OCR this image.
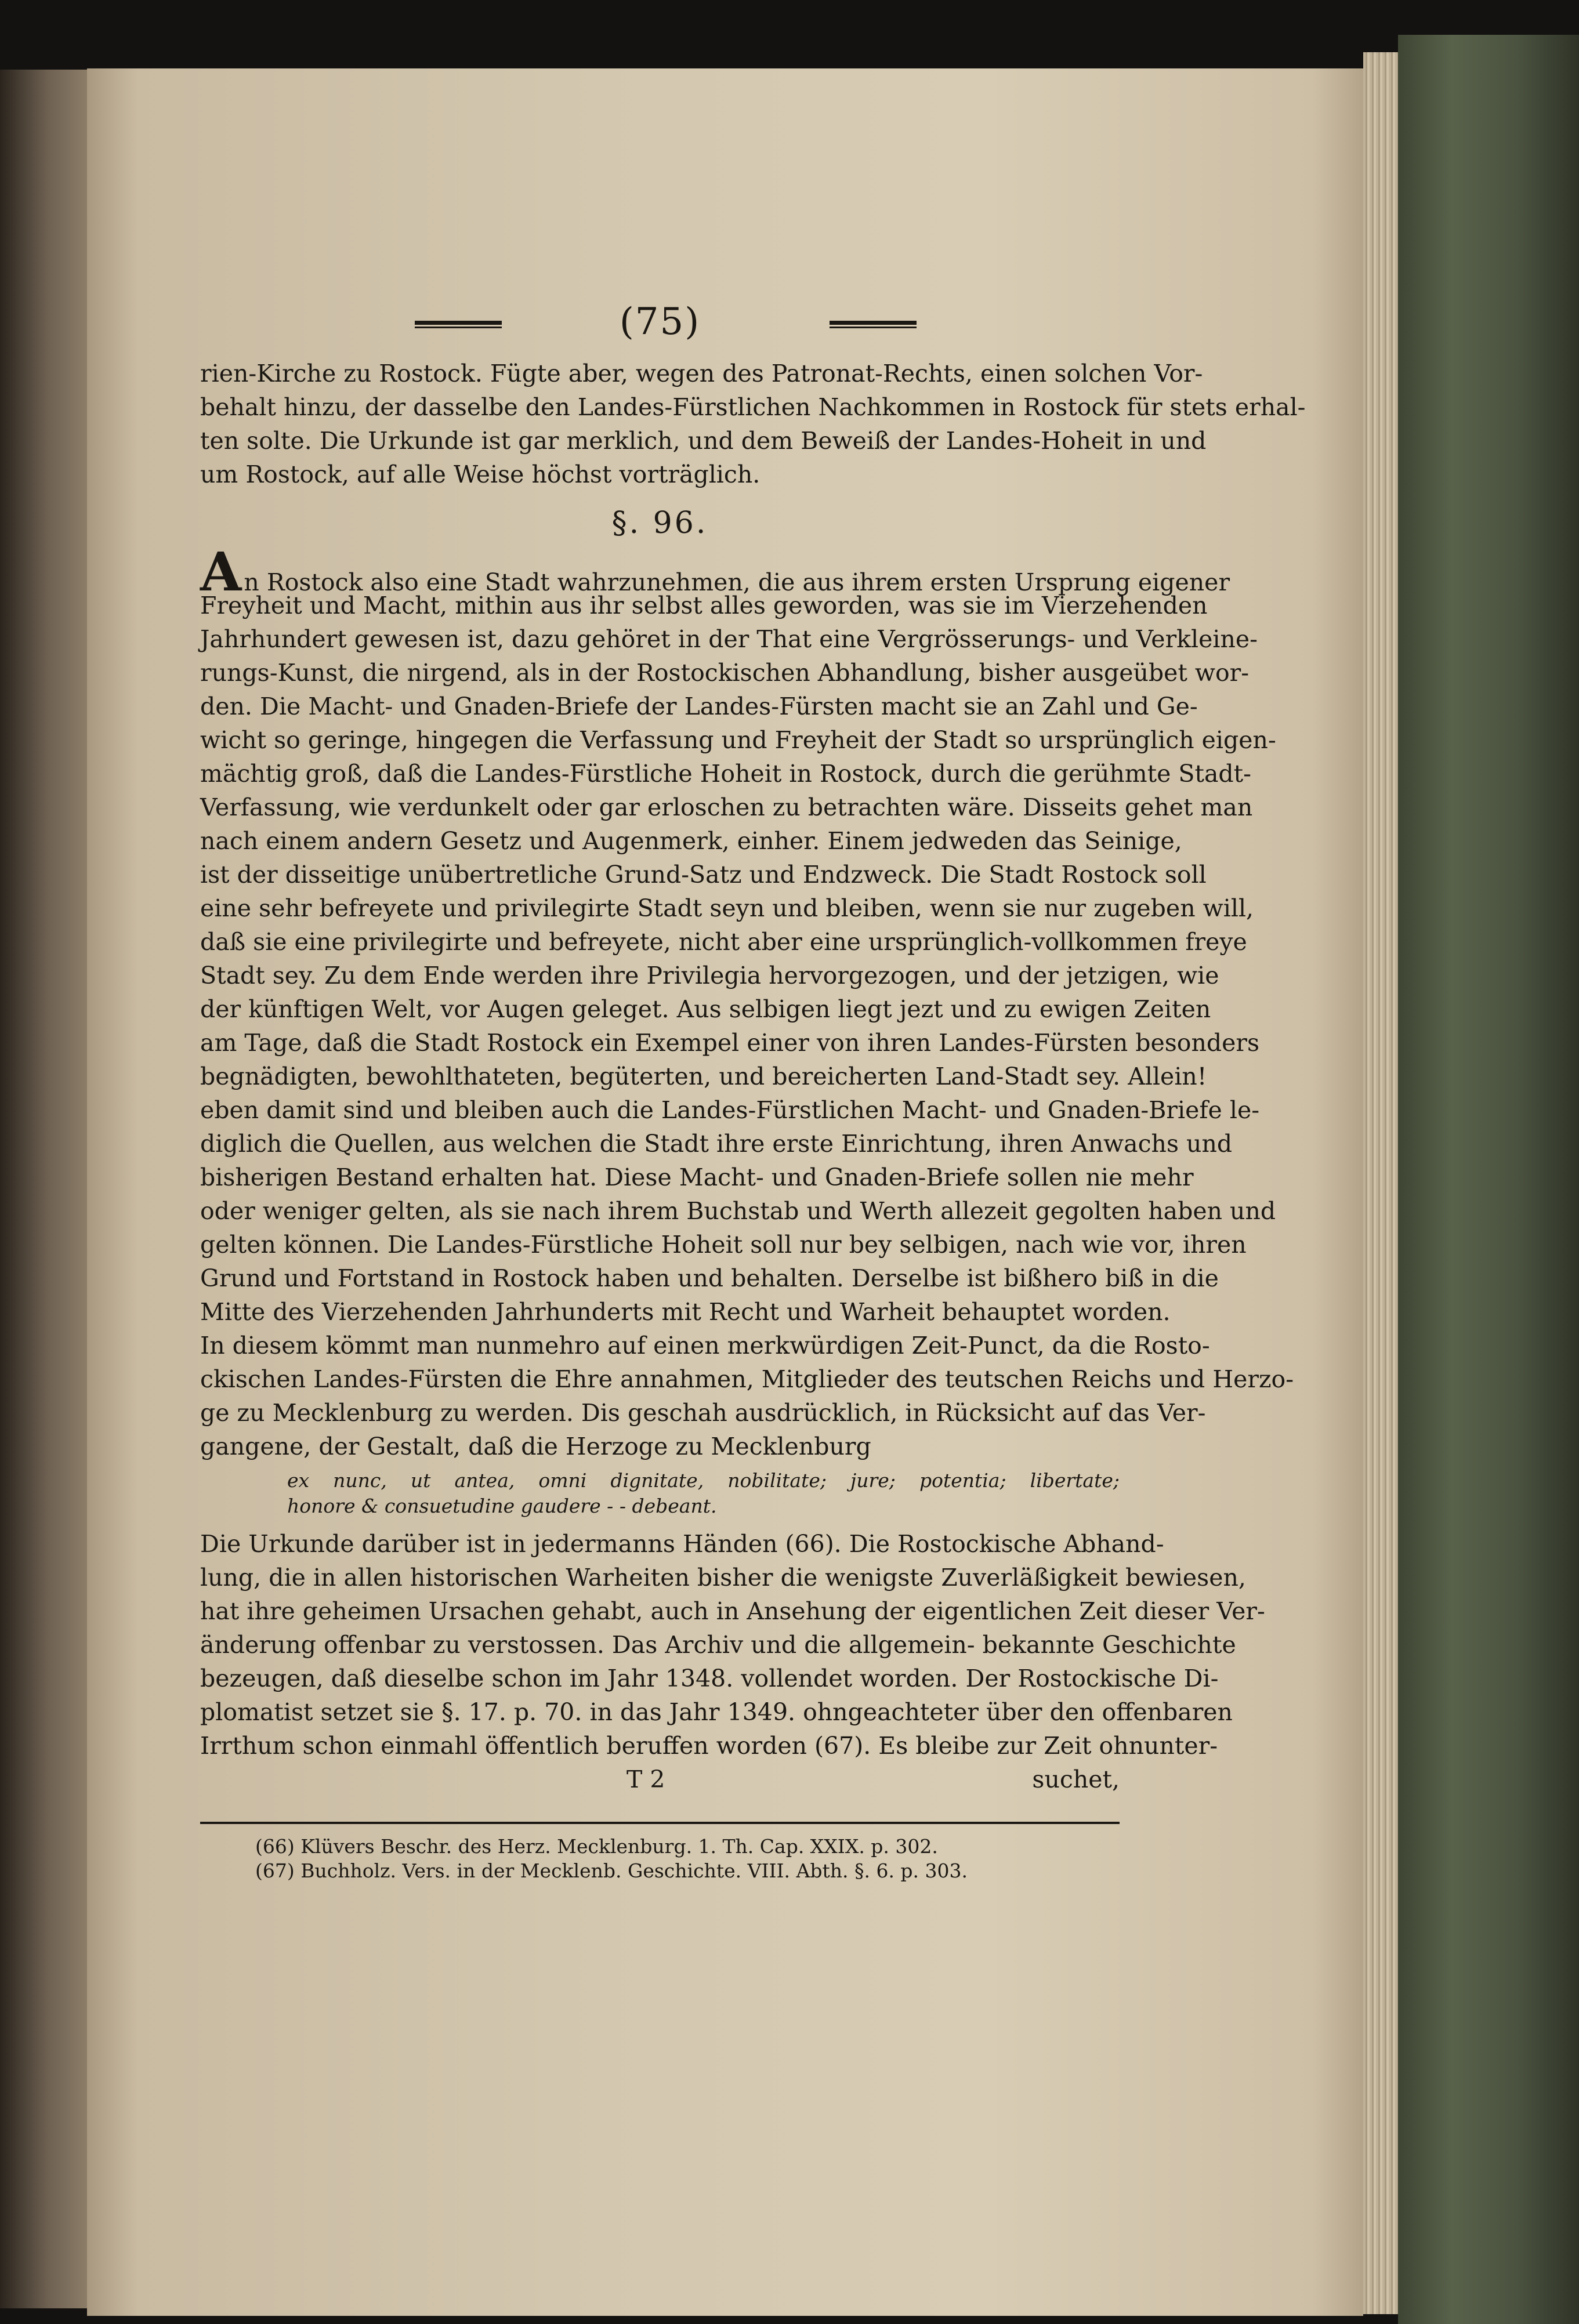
(75)
rien-Kirche zu Rostock. Fügte aber, wegen des Patronat-Rechts, einen solchen Vor-
behalt hinzu, der dasselbe den Landes-Fürstlichen Nachkommen in Rostock für stets erhal-
ten solte. Die Urkunde ist gar merklich, und dem Beweiß der Landes-Hoheit in und
um Rostock, auf alle Weise höchst vorträglich.
§. 96.
An Rostock also eine Stadt wahrzunehmen, die aus ihrem ersten Ursprung eigener
Freyheit und Macht, mithin aus ihr selbst alles geworden, was sie im Vierzehenden
Jahrhundert gewesen ist, dazu gehöret in der That eine Vergrösserungs- und Verkleine-
rungs-Kunst, die nirgend, als in der Rostockischen Abhandlung, bisher ausgeübet wor-
den. Die Macht- und Gnaden-Briefe der Landes-Fürsten macht sie an Zahl und Ge-
wicht so geringe, hingegen die Verfassung und Freyheit der Stadt so ursprünglich eigen-
mächtig groß, daß die Landes-Fürstliche Hoheit in Rostock, durch die gerühmte Stadt-
Verfassung, wie verdunkelt oder gar erloschen zu betrachten wäre. Disseits gehet man
nach einem andern Gesetz und Augenmerk, einher. Einem jedweden das Seinige,
ist der disseitige unübertretliche Grund-Satz und Endzweck. Die Stadt Rostock soll
eine sehr befreyete und privilegirte Stadt seyn und bleiben, wenn sie nur zugeben will,
daß sie eine privilegirte und befreyete, nicht aber eine ursprünglich-vollkommen freye
Stadt sey. Zu dem Ende werden ihre Privilegia hervorgezogen, und der jetzigen, wie
der künftigen Welt, vor Augen geleget. Aus selbigen liegt jezt und zu ewigen Zeiten
am Tage, daß die Stadt Rostock ein Exempel einer von ihren Landes-Fürsten besonders
begnädigten, bewohlthateten, begüterten, und bereicherten Land-Stadt sey. Allein!
eben damit sind und bleiben auch die Landes-Fürstlichen Macht- und Gnaden-Briefe le-
diglich die Quellen, aus welchen die Stadt ihre erste Einrichtung, ihren Anwachs und
bisherigen Bestand erhalten hat. Diese Macht- und Gnaden-Briefe sollen nie mehr
oder weniger gelten, als sie nach ihrem Buchstab und Werth allezeit gegolten haben und
gelten können. Die Landes-Fürstliche Hoheit soll nur bey selbigen, nach wie vor, ihren
Grund und Fortstand in Rostock haben und behalten. Derselbe ist bißhero biß in die
Mitte des Vierzehenden Jahrhunderts mit Recht und Warheit behauptet worden.
In diesem kömmt man nunmehro auf einen merkwürdigen Zeit-Punct, da die Rosto-
ckischen Landes-Fürsten die Ehre annahmen, Mitglieder des teutschen Reichs und Herzo-
ge zu Mecklenburg zu werden. Dis geschah ausdrücklich, in Rücksicht auf das Ver-
gangene, der Gestalt, daß die Herzoge zu Mecklenburg
ex nunc, ut antea, omni dignitate, nobilitate; jure; potentia; libertate;
honore & consuetudine gaudere - - debeant.
Die Urkunde darüber ist in jedermanns Händen (66). Die Rostockische Abhand-
lung, die in allen historischen Warheiten bisher die wenigste Zuverläßigkeit bewiesen,
hat ihre geheimen Ursachen gehabt, auch in Ansehung der eigentlichen Zeit dieser Ver-
änderung offenbar zu verstossen. Das Archiv und die allgemein- bekannte Geschichte
bezeugen, daß dieselbe schon im Jahr 1348. vollendet worden. Der Rostockische Di-
plomatist setzet sie §. 17. p. 70. in das Jahr 1349. ohngeachteter über den offenbaren
Irrthum schon einmahl öffentlich beruffen worden (67). Es bleibe zur Zeit ohnunter-
T 2	suchet,
(66) Klüvers Beschr. des Herz. Mecklenburg. 1. Th. Cap. XXIX. p. 302.
(67) Buchholz. Vers. in der Mecklenb. Geschichte. VIII. Abth. §. 6. p. 303.
